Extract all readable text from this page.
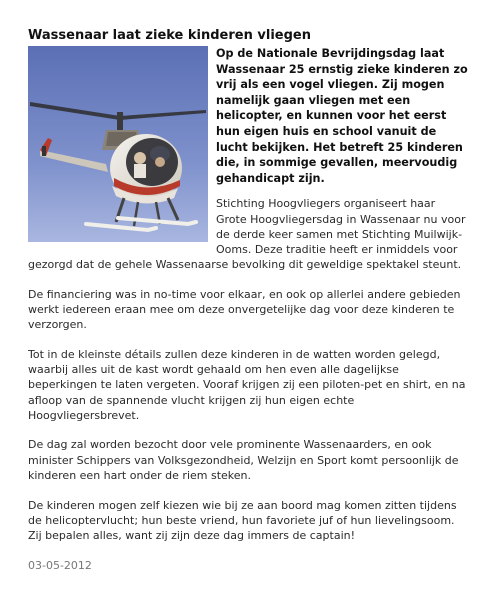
Wassenaar laat zieke kinderen vliegen

Op de Nationale Bevrijdingsdag laat Wassenaar 25 ernstig zieke kinderen zo vrij als een vogel vliegen. Zij mogen namelijk gaan vliegen met een helicopter, en kunnen voor het eerst hun eigen huis en school vanuit de lucht bekijken. Het betreft 25 kinderen die, in sommige gevallen, meervoudig gehandicapt zijn.

Stichting Hoogvliegers organiseert haar Grote Hoogvliegersdag in Wassenaar nu voor de derde keer samen met Stichting Muilwijk-Ooms. Deze traditie heeft er inmiddels voor gezorgd dat de gehele Wassenaarse bevolking dit geweldige spektakel steunt.

De financiering was in no-time voor elkaar, en ook op allerlei andere gebieden werkt iedereen eraan mee om deze onvergetelijke dag voor deze kinderen te verzorgen.

Tot in de kleinste détails zullen deze kinderen in de watten worden gelegd, waarbij alles uit de kast wordt gehaald om hen even alle dagelijkse beperkingen te laten vergeten. Vooraf krijgen zij een piloten-pet en shirt, en na afloop van de spannende vlucht krijgen zij hun eigen echte Hoogvliegersbrevet.

De dag zal worden bezocht door vele prominente Wassenaarders, en ook minister Schippers van Volksgezondheid, Welzijn en Sport komt persoonlijk de kinderen een hart onder de riem steken.

De kinderen mogen zelf kiezen wie bij ze aan boord mag komen zitten tijdens de helicoptervlucht; hun beste vriend, hun favoriete juf of hun lievelingsoom. Zij bepalen alles, want zij zijn deze dag immers de captain!

03-05-2012
